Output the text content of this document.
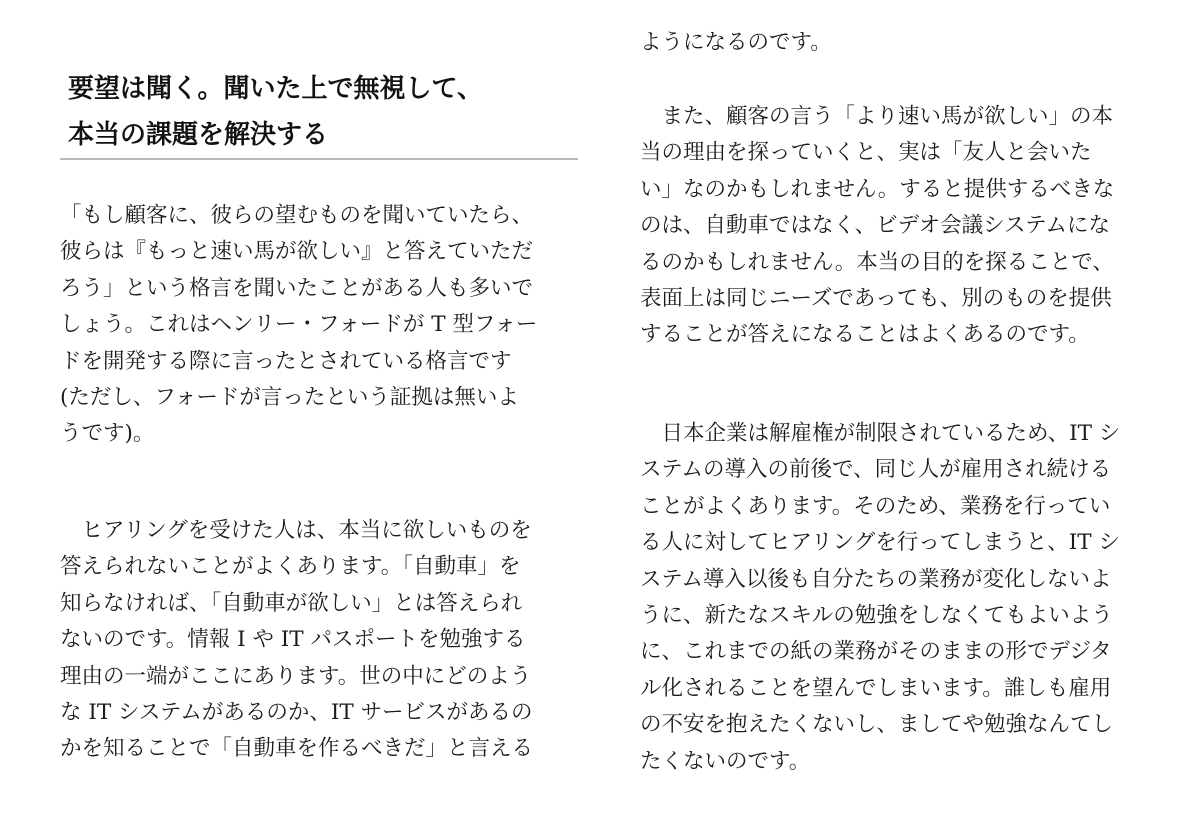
要望は聞く。聞いた上で無視して、
本当の課題を解決する

「もし顧客に、彼らの望むものを聞いていたら、
彼らは『もっと速い馬が欲しい』と答えていただ
ろう」という格言を聞いたことがある人も多いで
しょう。これはヘンリー・フォードが T 型フォー
ドを開発する際に言ったとされている格言です
(ただし、フォードが言ったという証拠は無いよ
うです)。

　ヒアリングを受けた人は、本当に欲しいものを
答えられないことがよくあります。「自動車」を
知らなければ、「自動車が欲しい」とは答えられ
ないのです。情報 I や IT パスポートを勉強する
理由の一端がここにあります。世の中にどのよう
な IT システムがあるのか、IT サービスがあるの
かを知ることで「自動車を作るべきだ」と言える

ようになるのです。

　また、顧客の言う「より速い馬が欲しい」の本
当の理由を探っていくと、実は「友人と会いた
い」なのかもしれません。すると提供するべきな
のは、自動車ではなく、ビデオ会議システムにな
るのかもしれません。本当の目的を探ることで、
表面上は同じニーズであっても、別のものを提供
することが答えになることはよくあるのです。

　日本企業は解雇権が制限されているため、IT シ
ステムの導入の前後で、同じ人が雇用され続ける
ことがよくあります。そのため、業務を行ってい
る人に対してヒアリングを行ってしまうと、IT シ
ステム導入以後も自分たちの業務が変化しないよ
うに、新たなスキルの勉強をしなくてもよいよう
に、これまでの紙の業務がそのままの形でデジタ
ル化されることを望んでしまいます。誰しも雇用
の不安を抱えたくないし、ましてや勉強なんてし
たくないのです。
